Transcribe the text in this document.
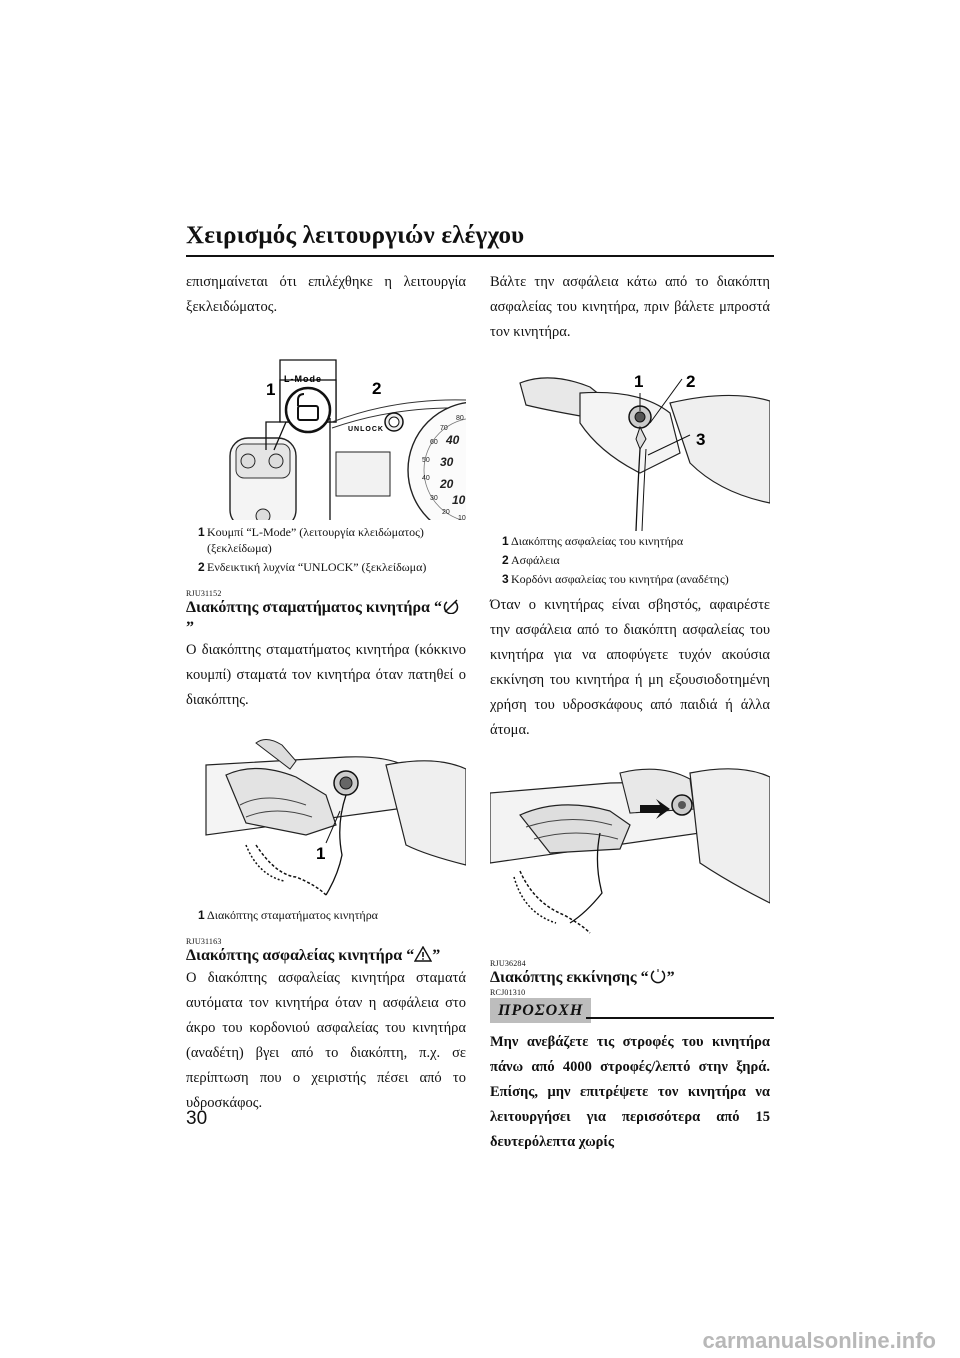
Χειρισμός λειτουργιών ελέγχου

επισημαίνεται ότι επιλέχθηκε η λειτουργία ξεκλειδώματος.

L-Mode
1
UNLOCK
2
80
70
60
50
40
30
20
10
40
30
20
10
1 Κουμπί “L-Mode” (λειτουργία κλειδώματος) (ξεκλείδωμα)
2 Ενδεικτική λυχνία “UNLOCK” (ξεκλείδωμα)
RJU31152

Διακόπτης σταματήματος κινητήρα “”

Ο διακόπτης σταματήματος κινητήρα (κόκκινο κουμπί) σταματά τον κινητήρα όταν πατηθεί ο διακόπτης.

1
1 Διακόπτης σταματήματος κινητήρα
RJU31163

Διακόπτης ασφαλείας κινητήρα “ ”

Ο διακόπτης ασφαλείας κινητήρα σταματά αυτόματα τον κινητήρα όταν η ασφάλεια στο άκρο του κορδονιού ασφαλείας του κινητήρα (αναδέτη) βγει από το διακόπτη, π.χ. σε περίπτωση που ο χειριστής πέσει από το υδροσκάφος.

Βάλτε την ασφάλεια κάτω από το διακόπτη ασφαλείας του κινητήρα, πριν βάλετε μπροστά τον κινητήρα.

1	2
3
1 Διακόπτης ασφαλείας του κινητήρα
2 Ασφάλεια
3 Κορδόνι ασφαλείας του κινητήρα (αναδέτης)

Όταν ο κινητήρας είναι σβηστός, αφαιρέστε την ασφάλεια από το διακόπτη ασφαλείας του κινητήρα για να αποφύγετε τυχόν ακούσια εκκίνηση του κινητήρα ή μη εξουσιοδοτημένη χρήση του υδροσκάφους από παιδιά ή άλλα άτομα.

RJU36284

Διακόπτης εκκίνησης “ ”

RCJ01310
ΠΡΟΣΟΧΗ

Μην ανεβάζετε τις στροφές του κινητήρα πάνω από 4000 στροφές/λεπτό στην ξηρά. Επίσης, μην επιτρέψετε τον κινητήρα να λειτουργήσει για περισσότερα από 15 δευτερόλεπτα χωρίς

30
carmanualsonline.info
